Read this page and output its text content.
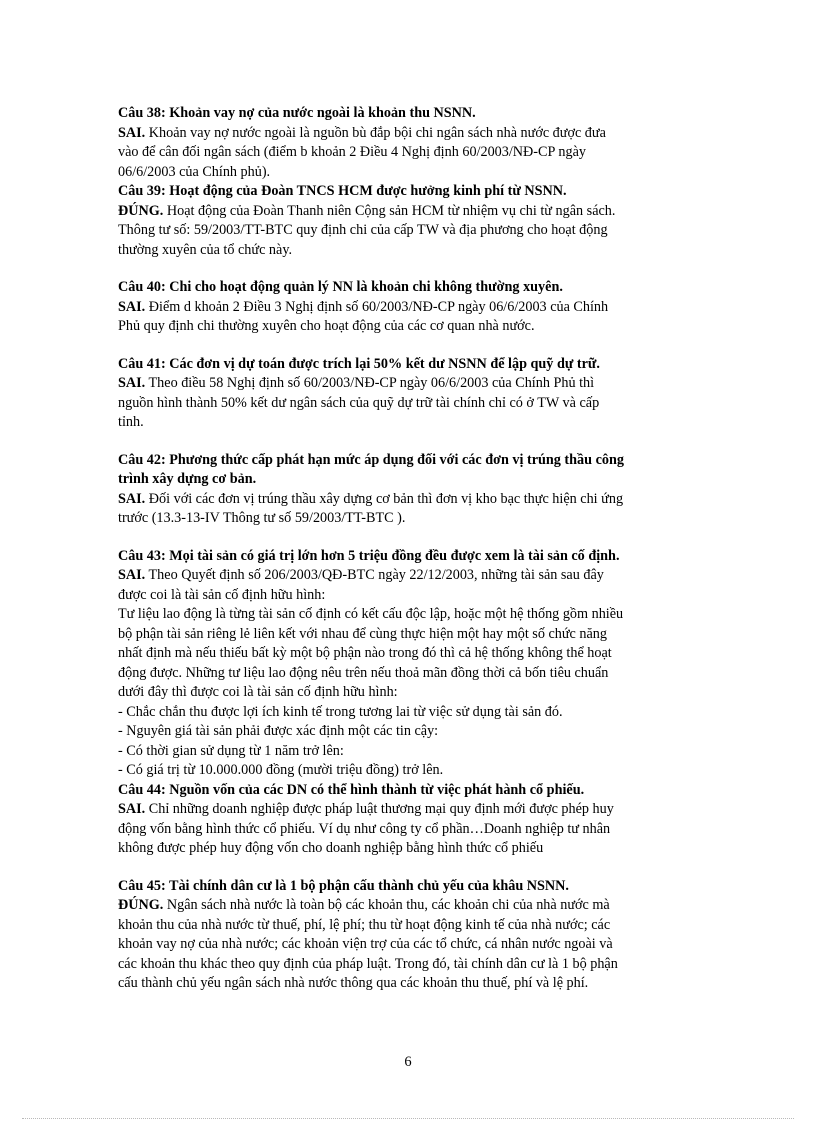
Câu 38: Khoản vay nợ của nước ngoài là khoản thu NSNN.

SAI. Khoản vay nợ nước ngoài là nguồn bù đắp bội chi ngân sách nhà nước được đưa
vào để cân đối ngân sách (điểm b khoản 2 Điều 4 Nghị định 60/2003/NĐ-CP ngày
06/6/2003 của Chính phủ).

Câu 39: Hoạt động của Đoàn TNCS HCM được hưởng kinh phí từ NSNN.

ĐÚNG. Hoạt động của Đoàn Thanh niên Cộng sản HCM từ nhiệm vụ chi từ ngân sách.
Thông tư số: 59/2003/TT-BTC quy định chi của cấp TW và địa phương cho hoạt động
thường xuyên của tổ chức này.

Câu 40: Chi cho hoạt động quản lý NN là khoản chi không thường xuyên.

SAI. Điểm d khoản 2 Điều 3 Nghị định số 60/2003/NĐ-CP ngày 06/6/2003 của Chính
Phủ quy định chi thường xuyên cho hoạt động của các cơ quan nhà nước.

Câu 41: Các đơn vị dự toán được trích lại 50% kết dư NSNN để lập quỹ dự trữ.

SAI. Theo điều 58 Nghị định số 60/2003/NĐ-CP ngày 06/6/2003 của Chính Phủ thì
nguồn hình thành 50% kết dư ngân sách của quỹ dự trữ tài chính chỉ có ở TW và cấp
tỉnh.

Câu 42: Phương thức cấp phát hạn mức áp dụng đối với các đơn vị trúng thầu công
trình xây dựng cơ bản.

SAI. Đối với các đơn vị trúng thầu xây dựng cơ bản thì đơn vị kho bạc thực hiện chi ứng
trước (13.3-13-IV Thông tư số 59/2003/TT-BTC ).

Câu 43: Mọi tài sản có giá trị lớn hơn 5 triệu đồng đều được xem là tài sản cố định.

SAI. Theo Quyết định số 206/2003/QĐ-BTC ngày 22/12/2003, những tài sản sau đây
được coi là tài sản cố định hữu hình:
Tư liệu lao động là từng tài sản cố định có kết cấu độc lập, hoặc một hệ thống gồm nhiều
bộ phận tài sản riêng lẻ liên kết với nhau để cùng thực hiện một hay một số chức năng
nhất định mà nếu thiếu bất kỳ một bộ phận nào trong đó thì cả hệ thống không thể hoạt
động được. Những tư liệu lao động nêu trên nếu thoả mãn đồng thời cả bốn tiêu chuẩn
dưới đây thì được coi là tài sản cố định hữu hình:
- Chắc chắn thu được lợi ích kinh tế trong tương lai từ việc sử dụng tài sản đó.
- Nguyên giá tài sản phải được xác định một các tin cậy:
- Có thời gian sử dụng từ 1 năm trở lên:
- Có giá trị từ 10.000.000 đồng (mười triệu đồng) trở lên.

Câu 44: Nguồn vốn của các DN có thể hình thành từ việc phát hành cổ phiếu.

SAI. Chỉ những doanh nghiệp được pháp luật thương mại quy định mới được phép huy
động vốn bằng hình thức cổ phiếu. Ví dụ như công ty cổ phần…Doanh nghiệp tư nhân
không được phép huy động vốn cho doanh nghiệp bằng hình thức cổ phiếu

Câu 45: Tài chính dân cư là 1 bộ phận cấu thành chủ yếu của khâu NSNN.

ĐÚNG. Ngân sách nhà nước là toàn bộ các khoản thu, các khoản chi của nhà nước mà
khoản thu của nhà nước từ thuế, phí, lệ phí; thu từ hoạt động kinh tế của nhà nước; các
khoản vay nợ của nhà nước; các khoản viện trợ của các tổ chức, cá nhân nước ngoài và
các khoản thu khác theo quy định của pháp luật. Trong đó, tài chính dân cư là 1 bộ phận
cấu thành chủ yếu ngân sách nhà nước thông qua các khoản thu thuế, phí và lệ phí.

6
